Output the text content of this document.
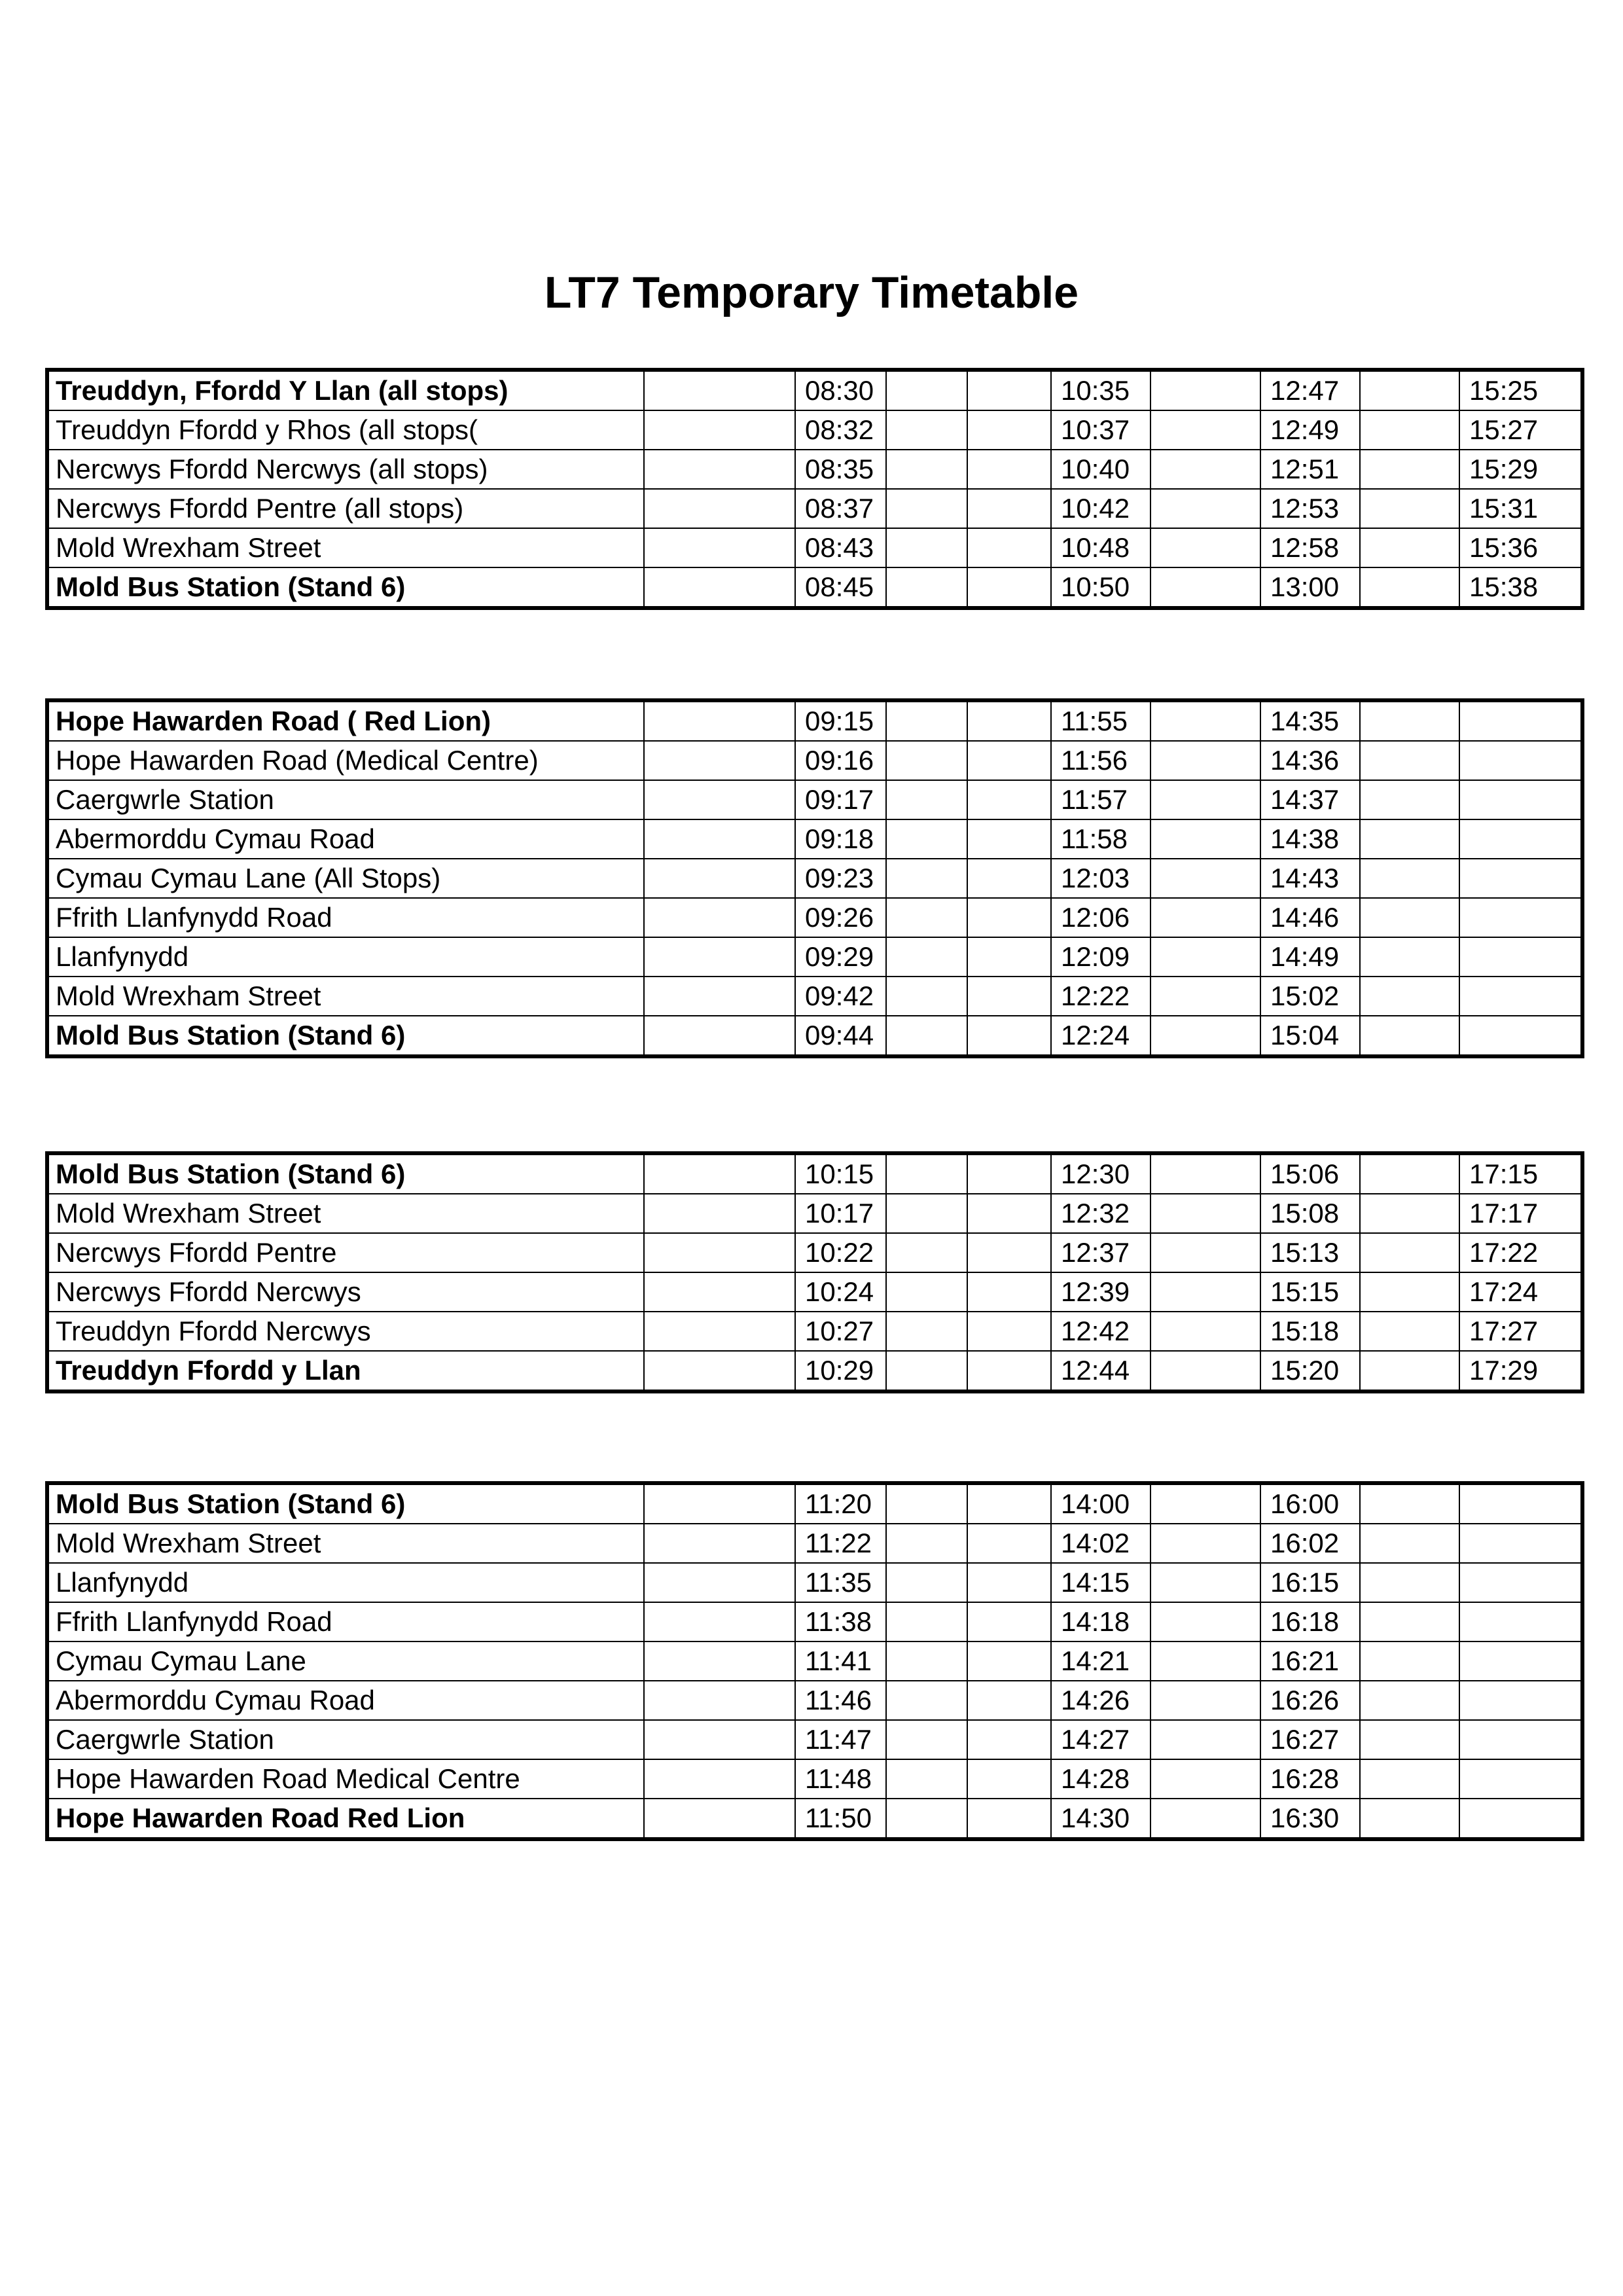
LT7 Temporary Timetable
Treuddyn, Ffordd Y Llan (all stops)		08:30			10:35		12:47		15:25
Treuddyn Ffordd y Rhos (all stops(		08:32			10:37		12:49		15:27
Nercwys Ffordd Nercwys (all stops)		08:35			10:40		12:51		15:29
Nercwys Ffordd Pentre (all stops)		08:37			10:42		12:53		15:31
Mold Wrexham Street		08:43			10:48		12:58		15:36
Mold Bus Station (Stand 6)		08:45			10:50		13:00		15:38
Hope Hawarden Road ( Red Lion)		09:15			11:55		14:35		
Hope Hawarden Road (Medical Centre)		09:16			11:56		14:36		
Caergwrle Station		09:17			11:57		14:37		
Abermorddu Cymau Road		09:18			11:58		14:38		
Cymau Cymau Lane (All Stops)		09:23			12:03		14:43		
Ffrith Llanfynydd Road		09:26			12:06		14:46		
Llanfynydd		09:29			12:09		14:49		
Mold Wrexham Street		09:42			12:22		15:02		
Mold Bus Station (Stand 6)		09:44			12:24		15:04		
Mold Bus Station (Stand 6)		10:15			12:30		15:06		17:15
Mold Wrexham Street		10:17			12:32		15:08		17:17
Nercwys Ffordd Pentre		10:22			12:37		15:13		17:22
Nercwys Ffordd Nercwys		10:24			12:39		15:15		17:24
Treuddyn Ffordd Nercwys		10:27			12:42		15:18		17:27
Treuddyn Ffordd y Llan		10:29			12:44		15:20		17:29
Mold Bus Station (Stand 6)		11:20			14:00		16:00		
Mold Wrexham Street		11:22			14:02		16:02		
Llanfynydd		11:35			14:15		16:15		
Ffrith Llanfynydd Road		11:38			14:18		16:18		
Cymau Cymau Lane		11:41			14:21		16:21		
Abermorddu Cymau Road		11:46			14:26		16:26		
Caergwrle Station		11:47			14:27		16:27		
Hope Hawarden Road Medical Centre		11:48			14:28		16:28		
Hope Hawarden Road Red Lion		11:50			14:30		16:30		
